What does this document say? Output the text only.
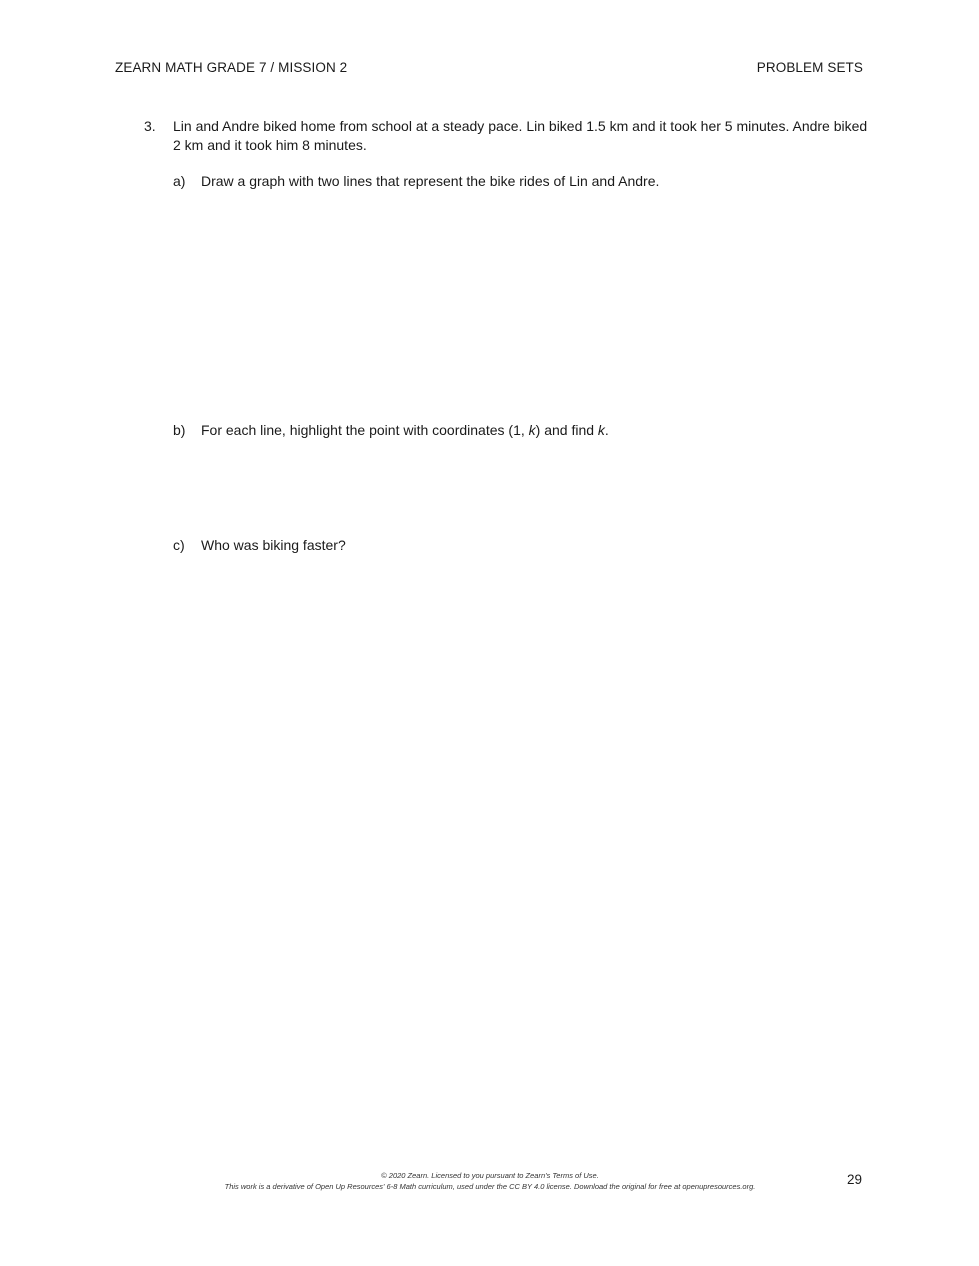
ZEARN MATH GRADE 7 / MISSION 2	PROBLEM SETS
3. Lin and Andre biked home from school at a steady pace. Lin biked 1.5 km and it took her 5 minutes. Andre biked 2 km and it took him 8 minutes.
a) Draw a graph with two lines that represent the bike rides of Lin and Andre.
b) For each line, highlight the point with coordinates (1, k) and find k.
c) Who was biking faster?
© 2020 Zearn. Licensed to you pursuant to Zearn's Terms of Use.
This work is a derivative of Open Up Resources' 6-8 Math curriculum, used under the CC BY 4.0 license. Download the original for free at openupresources.org.	29
